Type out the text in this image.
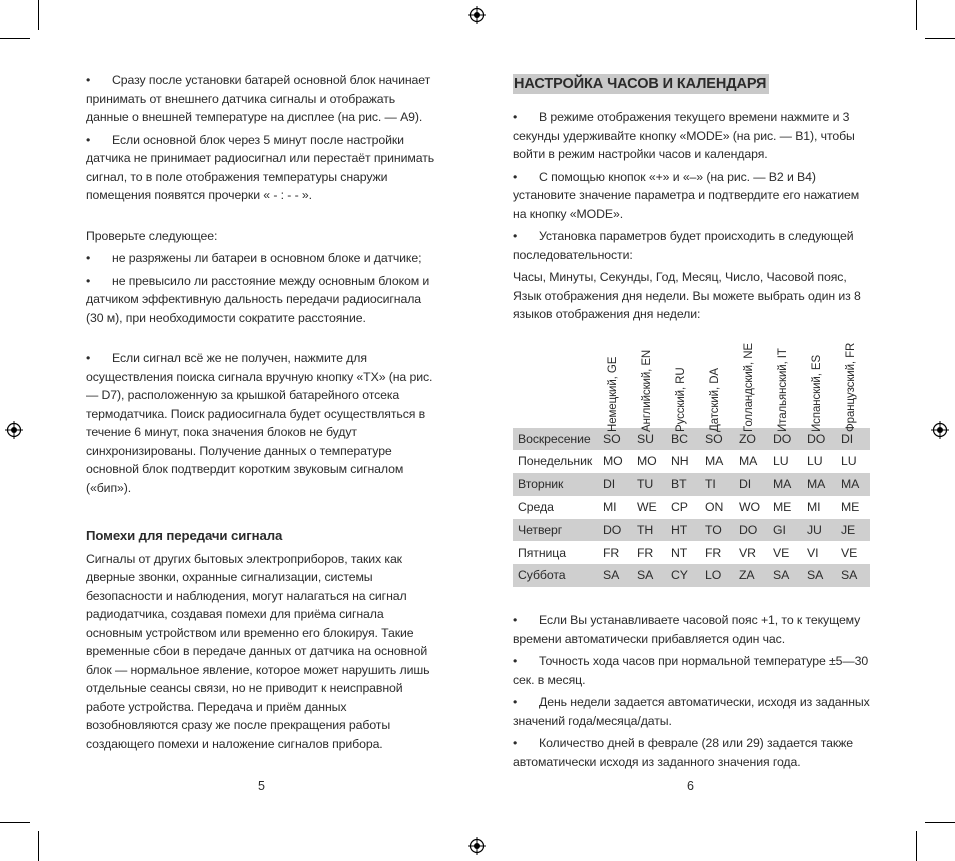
• Сразу после установки батарей основной блок начинает принимать от внешнего датчика сигналы и отображать данные о внешней температуре на дисплее (на рис. — A9).

• Если основной блок через 5 минут после настройки датчика не принимает радиосигнал или перестаёт принимать сигнал, то в поле отображения температуры снаружи помещения появятся прочерки « - : - - ».

Проверьте следующее:

• не разряжены ли батареи в основном блоке и датчике;

• не превысило ли расстояние между основным блоком и датчиком эффективную дальность передачи радиосигнала (30 м), при необходимости сократите расстояние.

• Если сигнал всё же не получен, нажмите для осуществления поиска сигнала вручную кнопку «TX» (на рис. — D7), расположенную за крышкой батарейного отсека термодатчика. Поиск радиосигнала будет осуществляться в течение 6 минут, пока значения блоков не будут синхронизированы. Получение данных о температуре основной блок подтвердит коротким звуковым сигналом («бип»).

Помехи для передачи сигнала

Сигналы от других бытовых электроприборов, таких как дверные звонки, охранные сигнализации, системы безопасности и наблюдения, могут налагаться на сигнал радиодатчика, создавая помехи для приёма сигнала основным устройством или временно его блокируя. Такие временные сбои в передаче данных от датчика на основной блок — нормальное явление, которое может нарушить лишь отдельные сеансы связи, но не приводит к неисправной работе устройства. Передача и приём данных возобновляются сразу же после прекращения работы создающего помехи и наложение сигналов прибора.

5
НАСТРОЙКА ЧАСОВ И КАЛЕНДАРЯ

• В режиме отображения текущего времени нажмите и 3 секунды удерживайте кнопку «MODE» (на рис. — B1), чтобы войти в режим настройки часов и календаря.

• С помощью кнопок «+» и «–» (на рис. — B2 и B4) установите значение параметра и подтвердите его нажатием на кнопку «MODE».

• Установка параметров будет происходить в следующей последовательности:

Часы, Минуты, Секунды, Год, Месяц, Число, Часовой пояс, Язык отображения дня недели. Вы можете выбрать один из 8 языков отображения дня недели:

	Немецкий, GE	Английский, EN	Русский, RU	Датский, DA	Голландский, NE	Итальянский, IT	Испанский, ES	Французский, FR

Воскресение	SO	SU	BC	SO	ZO	DO	DO	DI
Понедельник	MO	MO	NH	MA	MA	LU	LU	LU
Вторник	DI	TU	BT	TI	DI	MA	MA	MA
Среда	MI	WE	CP	ON	WO	ME	MI	ME
Четверг	DO	TH	HT	TO	DO	GI	JU	JE
Пятница	FR	FR	NT	FR	VR	VE	VI	VE
Суббота	SA	SA	CY	LO	ZA	SA	SA	SA

• Если Вы устанавливаете часовой пояс +1, то к текущему времени автоматически прибавляется один час.

• Точность хода часов при нормальной температуре ±5—30 сек. в месяц.

• День недели задается автоматически, исходя из заданных значений года/месяца/даты.

• Количество дней в феврале (28 или 29) задается также автоматически исходя из заданного значения года.

6
